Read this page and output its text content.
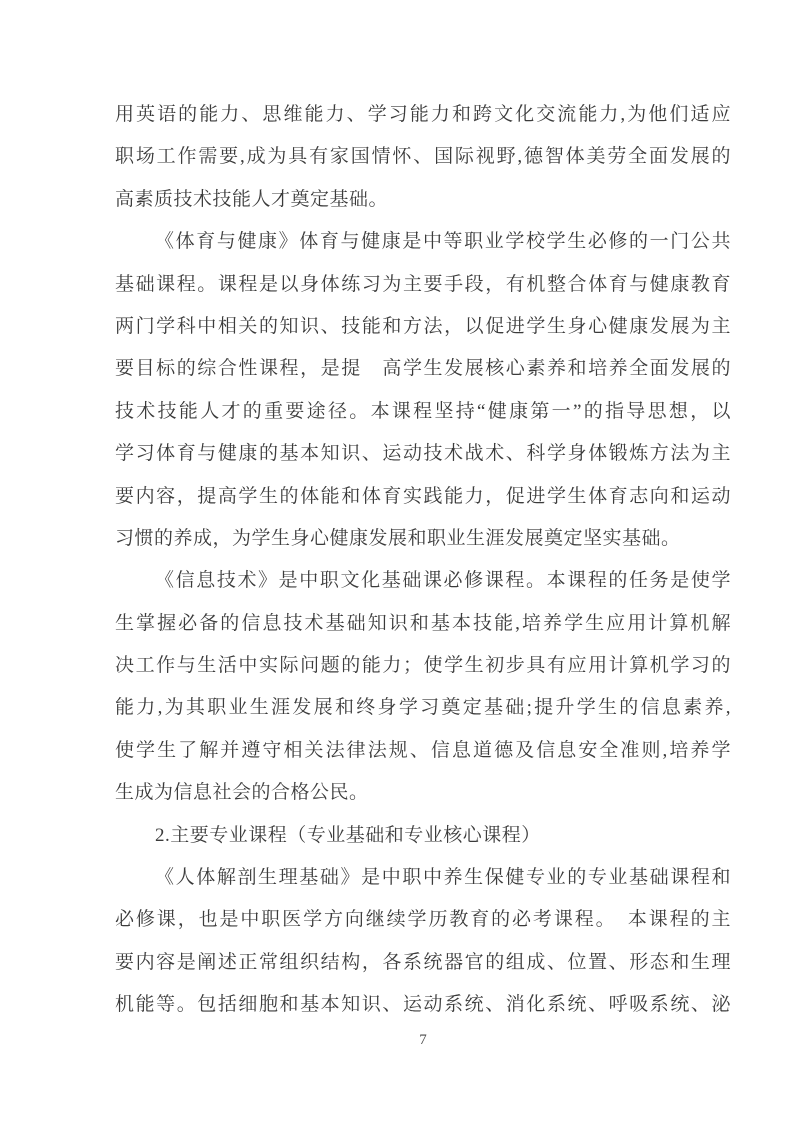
用英语的能力、思维能力、学习能力和跨文化交流能力,为他们适应
职场工作需要,成为具有家国情怀、国际视野,德智体美劳全面发展的
高素质技术技能人才奠定基础。
《体育与健康》体育与健康是中等职业学校学生必修的一门公共
基础课程。课程是以身体练习为主要手段，有机整合体育与健康教育
两门学科中相关的知识、技能和方法，以促进学生身心健康发展为主
要目标的综合性课程，是提　高学生发展核心素养和培养全面发展的
技术技能人才的重要途径。本课程坚持“健康第一”的指导思想，以
学习体育与健康的基本知识、运动技术战术、科学身体锻炼方法为主
要内容，提高学生的体能和体育实践能力，促进学生体育志向和运动
习惯的养成，为学生身心健康发展和职业生涯发展奠定坚实基础。
《信息技术》是中职文化基础课必修课程。本课程的任务是使学
生掌握必备的信息技术基础知识和基本技能,培养学生应用计算机解
决工作与生活中实际问题的能力；使学生初步具有应用计算机学习的
能力,为其职业生涯发展和终身学习奠定基础;提升学生的信息素养,
使学生了解并遵守相关法律法规、信息道德及信息安全准则,培养学
生成为信息社会的合格公民。
2.主要专业课程（专业基础和专业核心课程）
《人体解剖生理基础》是中职中养生保健专业的专业基础课程和
必修课，也是中职医学方向继续学历教育的必考课程。　本课程的主
要内容是阐述正常组织结构，各系统器官的组成、位置、形态和生理
机能等。包括细胞和基本知识、运动系统、消化系统、呼吸系统、泌
7
